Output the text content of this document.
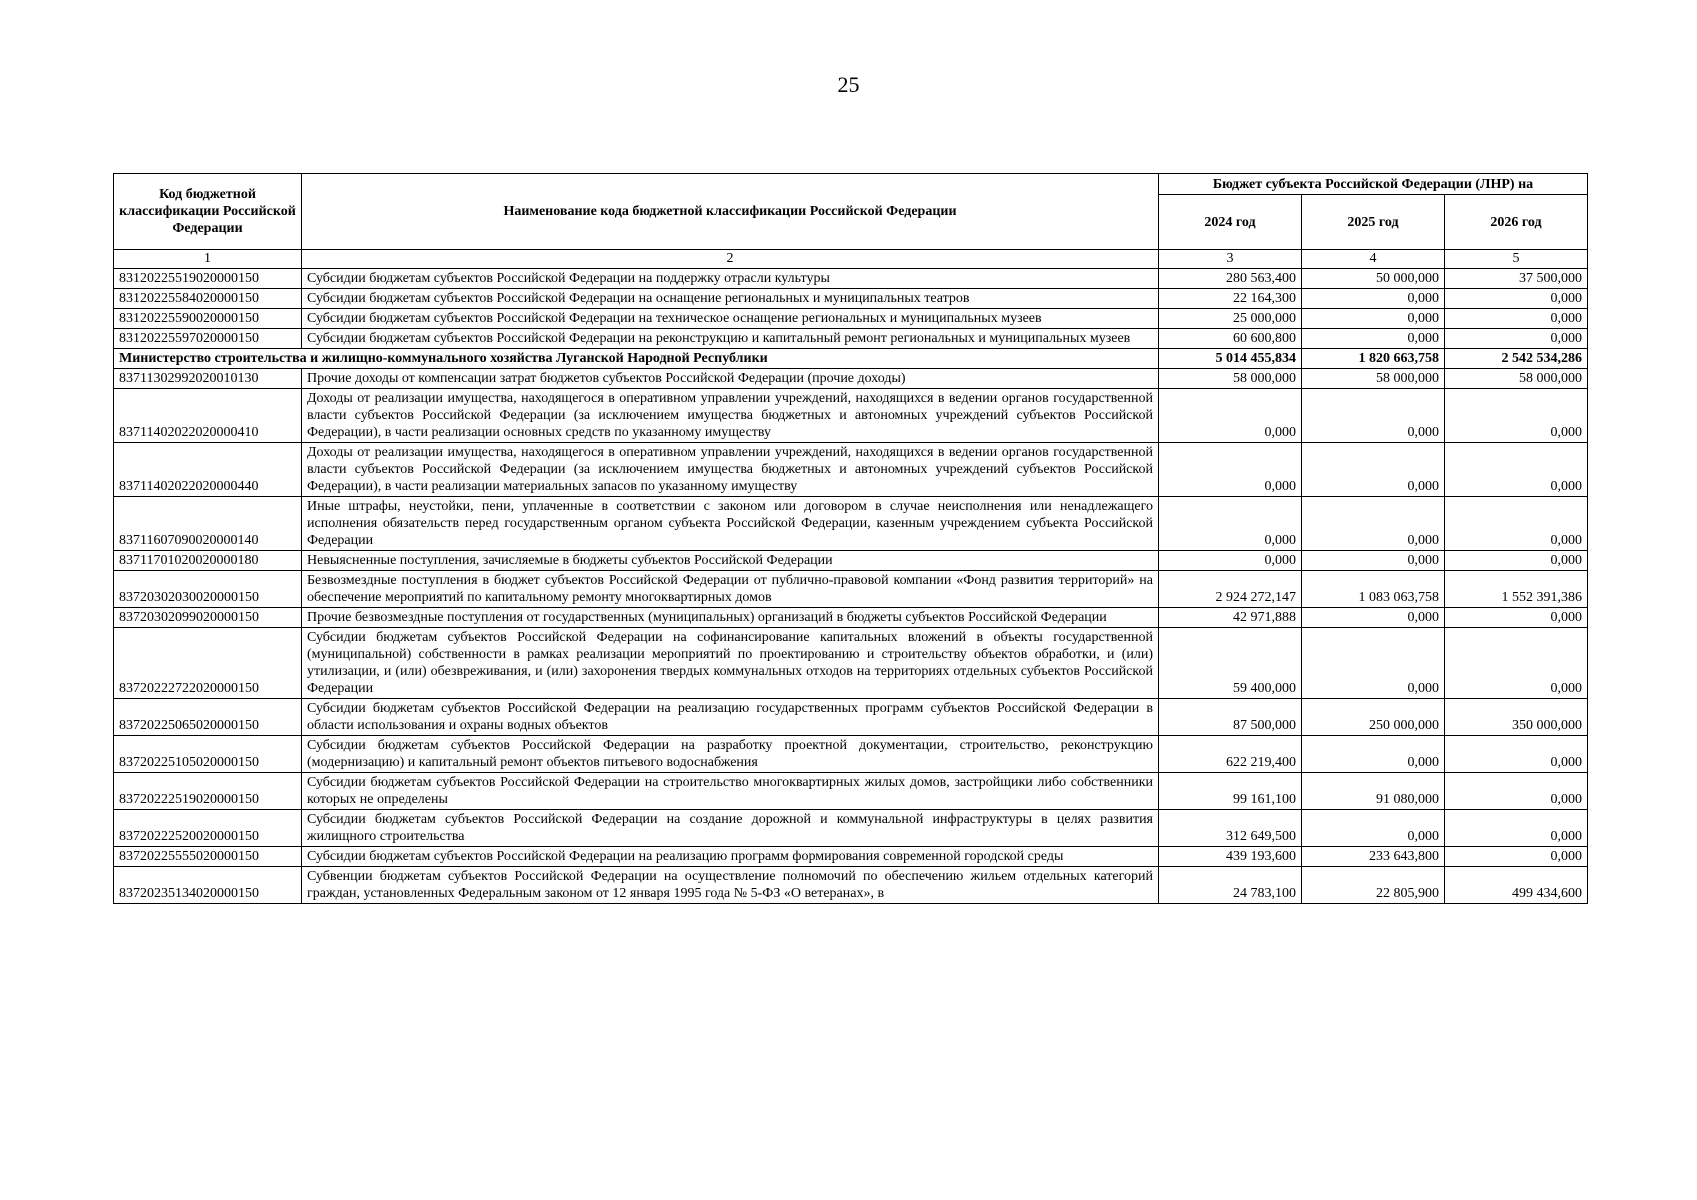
25
Код бюджетной классификации Российской Федерации	Наименование кода бюджетной классификации Российской Федерации	Бюджет субъекта Российской Федерации (ЛНР) на		
		2024 год	2025 год	2026 год
1	2	3	4	5
83120225519020000150	Субсидии бюджетам субъектов Российской Федерации на поддержку отрасли культуры	280 563,400	50 000,000	37 500,000
83120225584020000150	Субсидии бюджетам субъектов Российской Федерации на оснащение региональных и муниципальных театров	22 164,300	0,000	0,000
83120225590020000150	Субсидии бюджетам субъектов Российской Федерации на техническое оснащение региональных и муниципальных музеев	25 000,000	0,000	0,000
83120225597020000150	Субсидии бюджетам субъектов Российской Федерации на реконструкцию и капитальный ремонт региональных и муниципальных музеев	60 600,800	0,000	0,000
Министерство строительства и жилищно-коммунального хозяйства Луганской Народной Республики		5 014 455,834	1 820 663,758	2 542 534,286
83711302992020010130	Прочие доходы от компенсации затрат бюджетов субъектов Российской Федерации (прочие доходы)	58 000,000	58 000,000	58 000,000
83711402022020000410	Доходы от реализации имущества, находящегося в оперативном управлении учреждений, находящихся в ведении органов государственной власти субъектов Российской Федерации (за исключением имущества бюджетных и автономных учреждений субъектов Российской Федерации), в части реализации основных средств по указанному имуществу	0,000	0,000	0,000
83711402022020000440	Доходы от реализации имущества, находящегося в оперативном управлении учреждений, находящихся в ведении органов государственной власти субъектов Российской Федерации (за исключением имущества бюджетных и автономных учреждений субъектов Российской Федерации), в части реализации материальных запасов по указанному имуществу	0,000	0,000	0,000
83711607090020000140	Иные штрафы, неустойки, пени, уплаченные в соответствии с законом или договором в случае неисполнения или ненадлежащего исполнения обязательств перед государственным органом субъекта Российской Федерации, казенным учреждением субъекта Российской Федерации	0,000	0,000	0,000
83711701020020000180	Невыясненные поступления, зачисляемые в бюджеты субъектов Российской Федерации	0,000	0,000	0,000
83720302030020000150	Безвозмездные поступления в бюджет субъектов Российской Федерации от публично-правовой компании «Фонд развития территорий» на обеспечение мероприятий по капитальному ремонту многоквартирных домов	2 924 272,147	1 083 063,758	1 552 391,386
83720302099020000150	Прочие безвозмездные поступления от государственных (муниципальных) организаций в бюджеты субъектов Российской Федерации	42 971,888	0,000	0,000
83720222722020000150	Субсидии бюджетам субъектов Российской Федерации на софинансирование капитальных вложений в объекты государственной (муниципальной) собственности в рамках реализации мероприятий по проектированию и строительству объектов обработки, и (или) утилизации, и (или) обезвреживания, и (или) захоронения твердых коммунальных отходов на территориях отдельных субъектов Российской Федерации	59 400,000	0,000	0,000
83720225065020000150	Субсидии бюджетам субъектов Российской Федерации на реализацию государственных программ субъектов Российской Федерации в области использования и охраны водных объектов	87 500,000	250 000,000	350 000,000
83720225105020000150	Субсидии бюджетам субъектов Российской Федерации на разработку проектной документации, строительство, реконструкцию (модернизацию) и капитальный ремонт объектов питьевого водоснабжения	622 219,400	0,000	0,000
83720222519020000150	Субсидии бюджетам субъектов Российской Федерации на строительство многоквартирных жилых домов, застройщики либо собственники которых не определены	99 161,100	91 080,000	0,000
83720222520020000150	Субсидии бюджетам субъектов Российской Федерации на создание дорожной и коммунальной инфраструктуры в целях развития жилищного строительства	312 649,500	0,000	0,000
83720225555020000150	Субсидии бюджетам субъектов Российской Федерации на реализацию программ формирования современной городской среды	439 193,600	233 643,800	0,000
83720235134020000150	Субвенции бюджетам субъектов Российской Федерации на осуществление полномочий по обеспечению жильем отдельных категорий граждан, установленных Федеральным законом от 12 января 1995 года № 5-ФЗ «О ветеранах», в	24 783,100	22 805,900	499 434,600
